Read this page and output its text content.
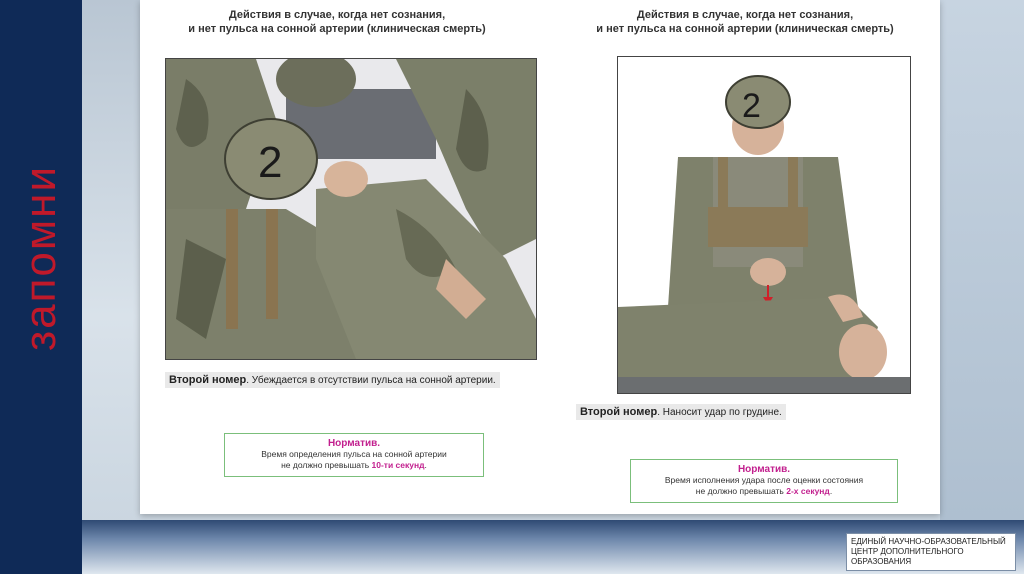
запомни
Действия в случае, когда нет сознания,
и нет пульса на сонной артерии (клиническая смерть)
Действия в случае, когда нет сознания,
и нет пульса на сонной артерии (клиническая смерть)
2
2
Второй номер. Убеждается в отсутствии пульса на сонной артерии.
Второй номер. Наносит удар по грудине.
Норматив.
Время определения пульса на сонной артерии
не должно превышать 10-ти секунд.	Норматив.
Время исполнения удара после оценки состояния
не должно превышать 2-х секунд.
ЕДИНЫЙ НАУЧНО-ОБРАЗОВАТЕЛЬНЫЙ
ЦЕНТР ДОПОЛНИТЕЛЬНОГО
ОБРАЗОВАНИЯ
